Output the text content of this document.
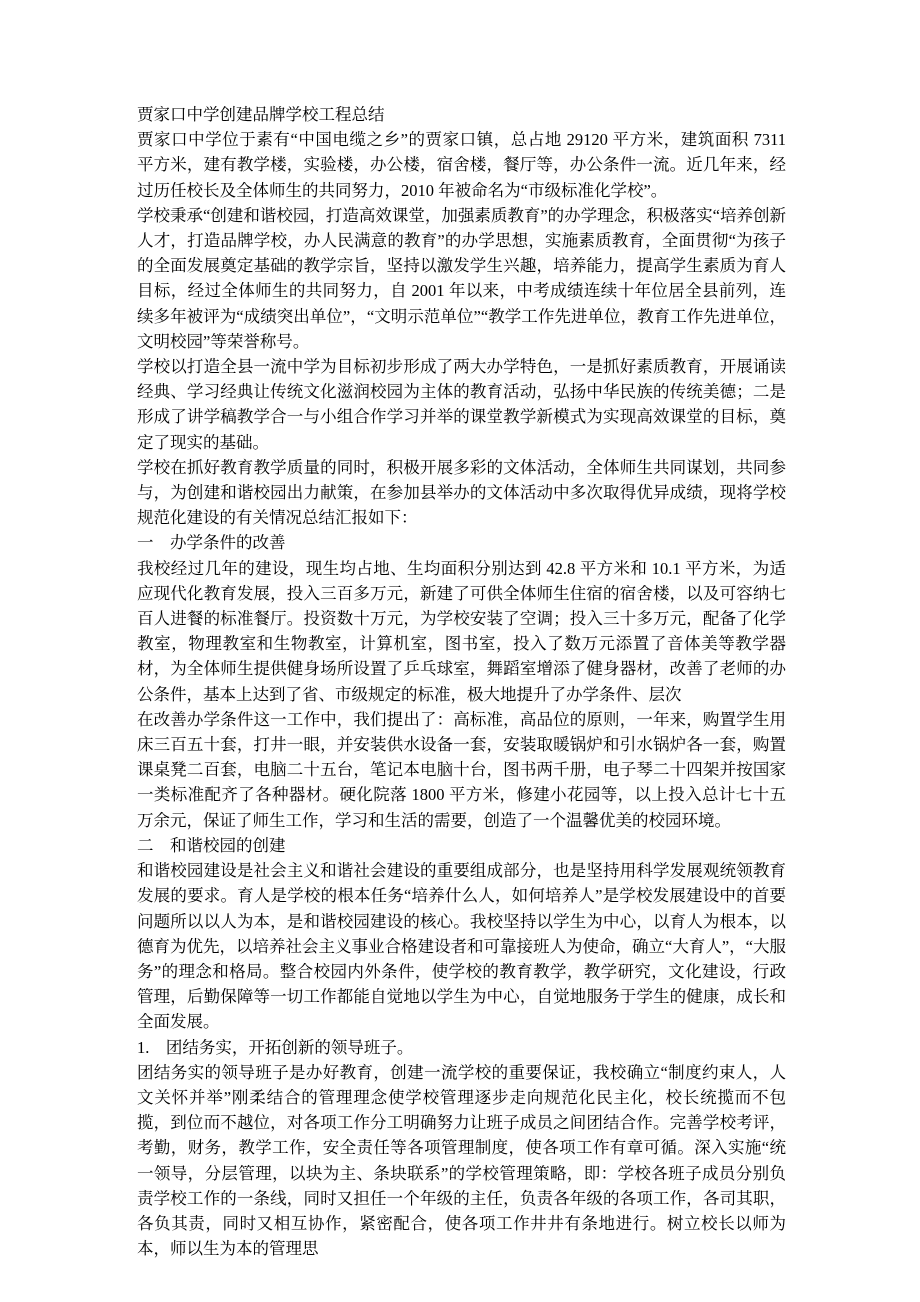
贾家口中学创建品牌学校工程总结

贾家口中学位于素有“中国电缆之乡”的贾家口镇，总占地 29120 平方米，建筑面积 7311 平方米，建有教学楼，实验楼，办公楼，宿舍楼，餐厅等，办公条件一流。近几年来，经过历任校长及全体师生的共同努力，2010 年被命名为“市级标准化学校”。

学校秉承“创建和谐校园，打造高效课堂，加强素质教育”的办学理念，积极落实“培养创新人才，打造品牌学校，办人民满意的教育”的办学思想，实施素质教育，全面贯彻“为孩子的全面发展奠定基础的教学宗旨，坚持以激发学生兴趣，培养能力，提高学生素质为育人目标，经过全体师生的共同努力，自 2001 年以来，中考成绩连续十年位居全县前列，连续多年被评为“成绩突出单位”，“文明示范单位”“教学工作先进单位，教育工作先进单位，文明校园”等荣誉称号。

学校以打造全县一流中学为目标初步形成了两大办学特色，一是抓好素质教育，开展诵读经典、学习经典让传统文化滋润校园为主体的教育活动，弘扬中华民族的传统美德；二是形成了讲学稿教学合一与小组合作学习并举的课堂教学新模式为实现高效课堂的目标，奠定了现实的基础。

学校在抓好教育教学质量的同时，积极开展多彩的文体活动，全体师生共同谋划，共同参与，为创建和谐校园出力献策，在参加县举办的文体活动中多次取得优异成绩，现将学校规范化建设的有关情况总结汇报如下：

一　办学条件的改善

我校经过几年的建设，现生均占地、生均面积分别达到 42.8 平方米和 10.1 平方米，为适应现代化教育发展，投入三百多万元，新建了可供全体师生住宿的宿舍楼，以及可容纳七百人进餐的标准餐厅。投资数十万元，为学校安装了空调；投入三十多万元，配备了化学教室，物理教室和生物教室，计算机室，图书室，投入了数万元添置了音体美等教学器材，为全体师生提供健身场所设置了乒乓球室，舞蹈室增添了健身器材，改善了老师的办公条件，基本上达到了省、市级规定的标准，极大地提升了办学条件、层次

在改善办学条件这一工作中，我们提出了：高标准，高品位的原则，一年来，购置学生用床三百五十套，打井一眼，并安装供水设备一套，安装取暖锅炉和引水锅炉各一套，购置课桌凳二百套，电脑二十五台，笔记本电脑十台，图书两千册，电子琴二十四架并按国家一类标准配齐了各种器材。硬化院落 1800 平方米，修建小花园等，以上投入总计七十五万余元，保证了师生工作，学习和生活的需要，创造了一个温馨优美的校园环境。

二　和谐校园的创建

和谐校园建设是社会主义和谐社会建设的重要组成部分，也是坚持用科学发展观统领教育发展的要求。育人是学校的根本任务“培养什么人，如何培养人”是学校发展建设中的首要问题所以以人为本，是和谐校园建设的核心。我校坚持以学生为中心，以育人为根本，以德育为优先，以培养社会主义事业合格建设者和可靠接班人为使命，确立“大育人”，“大服务”的理念和格局。整合校园内外条件，使学校的教育教学，教学研究，文化建设，行政管理，后勤保障等一切工作都能自觉地以学生为中心，自觉地服务于学生的健康，成长和全面发展。

1.　团结务实，开拓创新的领导班子。

团结务实的领导班子是办好教育，创建一流学校的重要保证，我校确立“制度约束人，人文关怀并举”刚柔结合的管理理念使学校管理逐步走向规范化民主化，校长统揽而不包揽，到位而不越位，对各项工作分工明确努力让班子成员之间团结合作。完善学校考评，考勤，财务，教学工作，安全责任等各项管理制度，使各项工作有章可循。深入实施“统一领导，分层管理，以块为主、条块联系”的学校管理策略，即：学校各班子成员分别负责学校工作的一条线，同时又担任一个年级的主任，负责各年级的各项工作，各司其职，各负其责，同时又相互协作，紧密配合，使各项工作井井有条地进行。树立校长以师为本，师以生为本的管理思
